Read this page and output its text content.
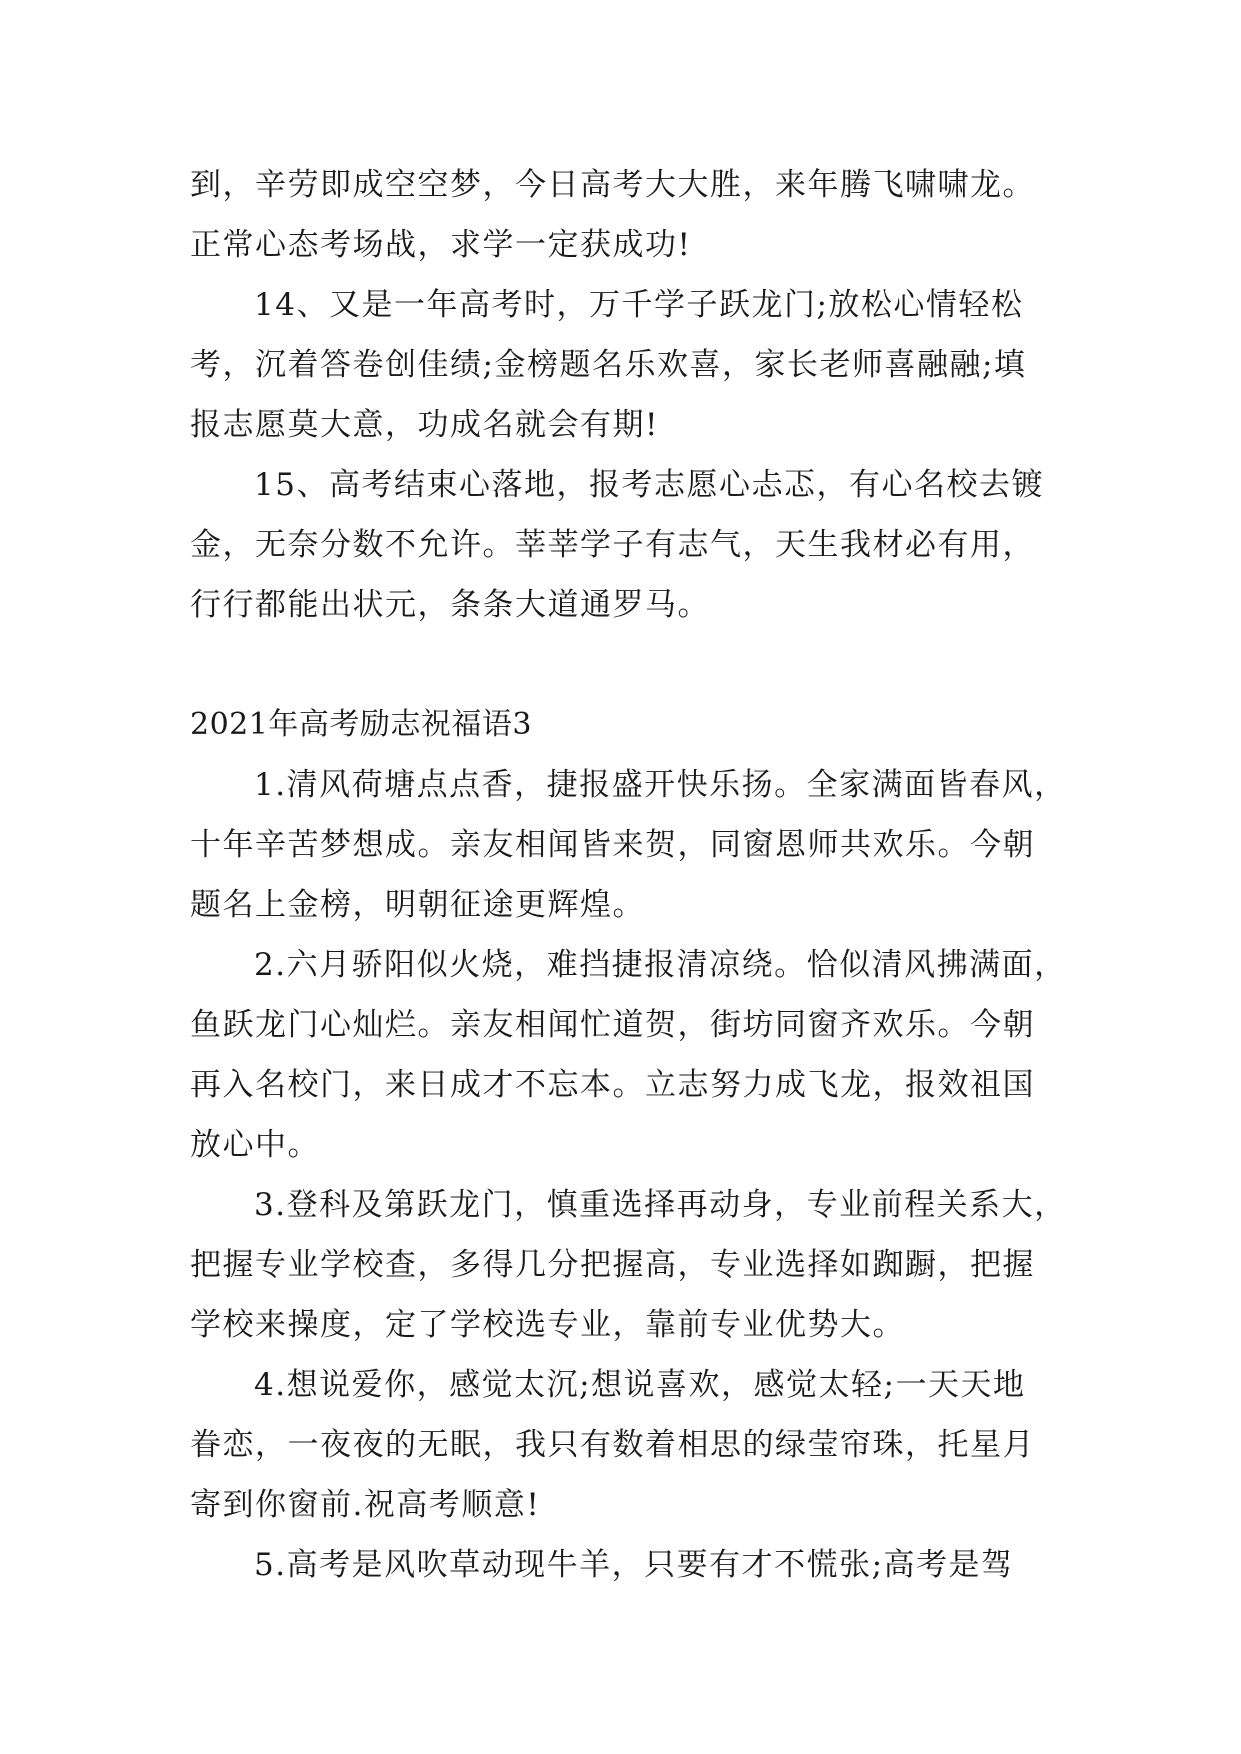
到，辛劳即成空空梦，今日高考大大胜，来年腾飞啸啸龙。
正常心态考场战，求学一定获成功!
14、又是一年高考时，万千学子跃龙门;放松心情轻松
考，沉着答卷创佳绩;金榜题名乐欢喜，家长老师喜融融;填
报志愿莫大意，功成名就会有期!
15、高考结束心落地，报考志愿心忐忑，有心名校去镀
金，无奈分数不允许。莘莘学子有志气，天生我材必有用，
行行都能出状元，条条大道通罗马。
2021年高考励志祝福语3
1.清风荷塘点点香，捷报盛开快乐扬。全家满面皆春风，
十年辛苦梦想成。亲友相闻皆来贺，同窗恩师共欢乐。今朝
题名上金榜，明朝征途更辉煌。
2.六月骄阳似火烧，难挡捷报清凉绕。恰似清风拂满面，
鱼跃龙门心灿烂。亲友相闻忙道贺，街坊同窗齐欢乐。今朝
再入名校门，来日成才不忘本。立志努力成飞龙，报效祖国
放心中。
3.登科及第跃龙门，慎重选择再动身，专业前程关系大，
把握专业学校查，多得几分把握高，专业选择如踟蹰，把握
学校来操度，定了学校选专业，靠前专业优势大。
4.想说爱你，感觉太沉;想说喜欢，感觉太轻;一天天地
眷恋，一夜夜的无眠，我只有数着相思的绿莹帘珠，托星月
寄到你窗前.祝高考顺意!
5.高考是风吹草动现牛羊，只要有才不慌张;高考是驾
